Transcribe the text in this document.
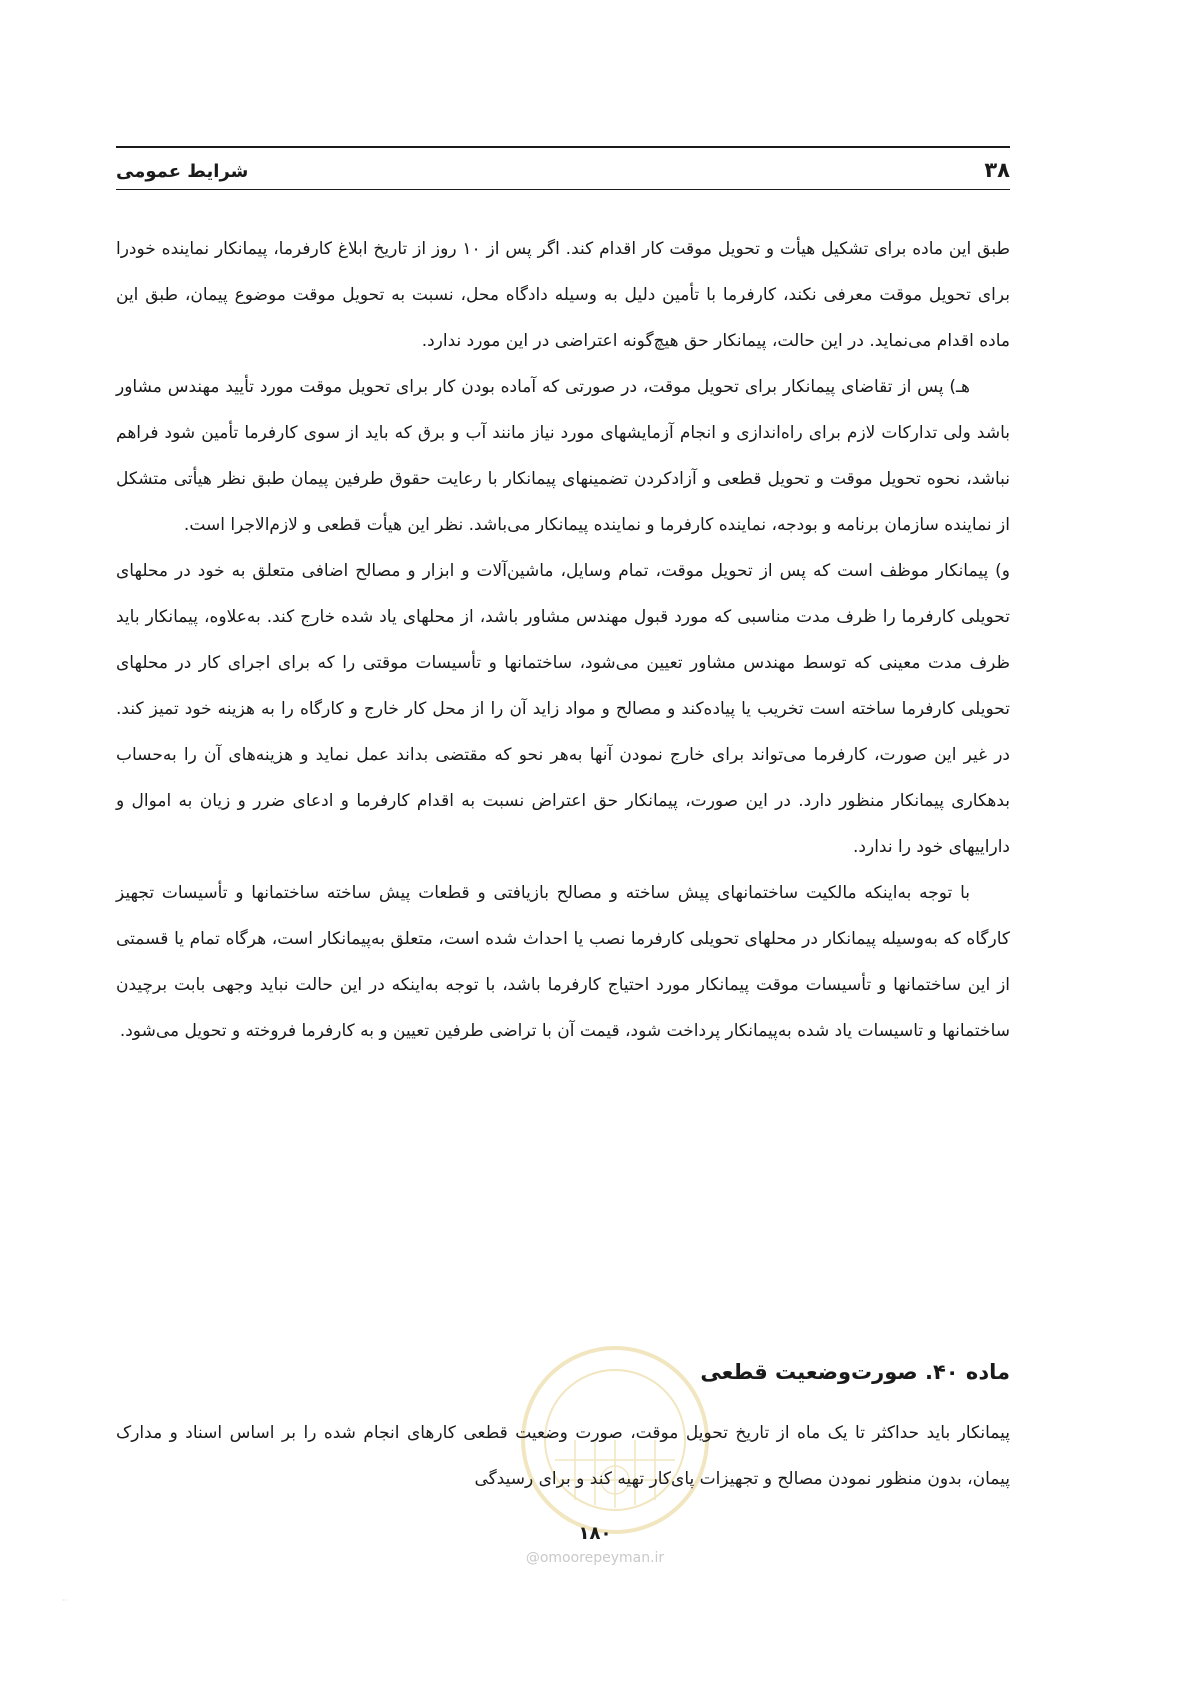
۳۸
شرایط عمومی

طبق این ماده برای تشکیل هیأت و تحویل موقت کار اقدام کند. اگر پس از ۱۰ روز از تاریخ ابلاغ کارفرما، پیمانکار نماینده خودرا برای تحویل موقت معرفی نکند، کارفرما با تأمین دلیل به وسیله دادگاه محل، نسبت به تحویل موقت موضوع پیمان، طبق این ماده اقدام می‌نماید. در این حالت، پیمانکار حق هیچ‌گونه اعتراضی در این مورد ندارد.

هـ) پس از تقاضای پیمانکار برای تحویل موقت، در صورتی که آماده بودن کار برای تحویل موقت مورد تأیید مهندس مشاور باشد ولی تدارکات لازم برای راه‌اندازی و انجام آزمایشهای مورد نیاز مانند آب و برق که باید از سوی کارفرما تأمین شود فراهم نباشد، نحوه تحویل موقت و تحویل قطعی و آزادکردن تضمینهای پیمانکار با رعایت حقوق طرفین پیمان طبق نظر هیأتی متشکل از نماینده سازمان برنامه و بودجه، نماینده کارفرما و نماینده پیمانکار می‌باشد. نظر این هیأت قطعی و لازم‌الاجرا است.

و) پیمانکار موظف است که پس از تحویل موقت، تمام وسایل، ماشین‌آلات و ابزار و مصالح اضافی متعلق به خود در محلهای تحویلی کارفرما را ظرف مدت مناسبی که مورد قبول مهندس مشاور باشد، از محلهای یاد شده خارج کند. به‌علاوه، پیمانکار باید ظرف مدت معینی که توسط مهندس مشاور تعیین می‌شود، ساختمانها و تأسیسات موقتی را که برای اجرای کار در محلهای تحویلی کارفرما ساخته است تخریب یا پیاده‌کند و مصالح و مواد زاید آن را از محل کار خارج و کارگاه را به هزینه خود تمیز کند. در غیر این صورت، کارفرما می‌تواند برای خارج نمودن آنها به‌هر نحو که مقتضی بداند عمل نماید و هزینه‌های آن را به‌حساب بدهکاری پیمانکار منظور دارد. در این صورت، پیمانکار حق اعتراض نسبت به اقدام کارفرما و ادعای ضرر و زیان به اموال و داراییهای خود را ندارد.

با توجه به‌اینکه مالکیت ساختمانهای پیش ساخته و مصالح بازیافتی و قطعات پیش ساخته ساختمانها و تأسیسات تجهیز کارگاه که به‌وسیله پیمانکار در محلهای تحویلی کارفرما نصب یا احداث شده است، متعلق به‌پیمانکار است، هرگاه تمام یا قسمتی از این ساختمانها و تأسیسات موقت پیمانکار مورد احتیاج کارفرما باشد، با توجه به‌اینکه در این حالت نباید وجهی بابت برچیدن ساختمانها و تاسیسات یاد شده به‌پیمانکار پرداخت شود، قیمت آن با تراضی طرفین تعیین و به کارفرما فروخته و تحویل می‌شود.

ماده ۴۰. صورت‌وضعیت قطعی

پیمانکار باید حداکثر تا یک ماه از تاریخ تحویل موقت، صورت وضعیت قطعی کارهای انجام شده را بر اساس اسناد و مدارک پیمان، بدون منظور نمودن مصالح و تجهیزات پای‌کار تهیه کند و برای رسیدگی

۱۸۰
@omoorepeyman.ir
··
